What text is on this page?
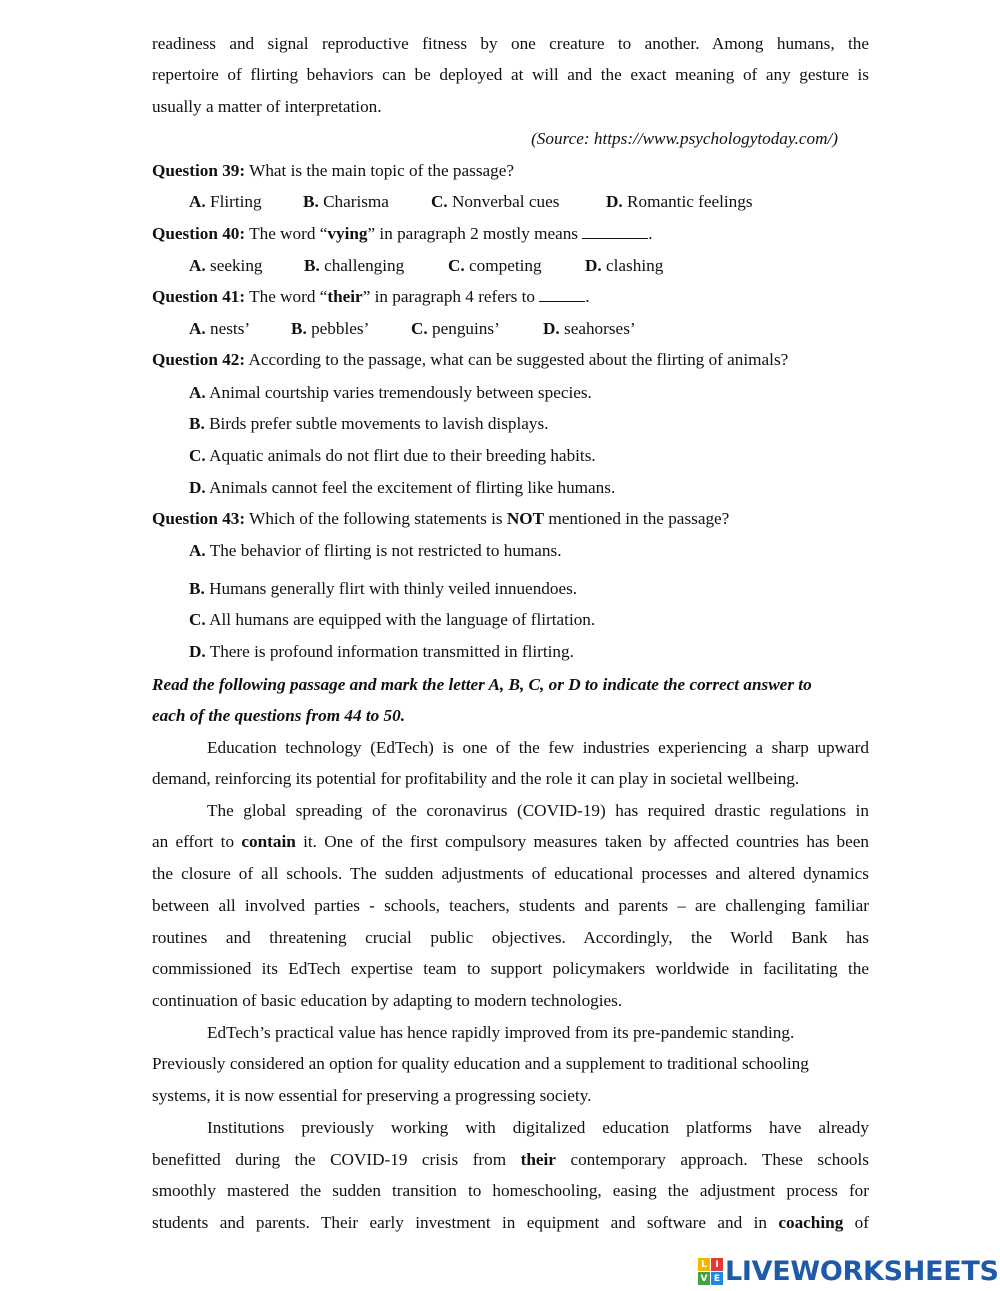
readiness and signal reproductive fitness by one creature to another. Among humans, the
repertoire of flirting behaviors can be deployed at will and the exact meaning of any gesture is
usually a matter of interpretation.
(Source: https://www.psychologytoday.com/)
Question 39: What is the main topic of the passage?
A. Flirting B. Charisma C. Nonverbal cues	D. Romantic feelings
Question 40: The word “vying” in paragraph 2 mostly means	.
A. seeking B. challenging	C. competing	D. clashing
Question 41: The word “their” in paragraph 4 refers to	.
A. nests’ B. pebbles’ C. penguins’	D. seahorses’
Question 42: According to the passage, what can be suggested about the flirting of animals?
A. Animal courtship varies tremendously between species.
B. Birds prefer subtle movements to lavish displays.
C. Aquatic animals do not flirt due to their breeding habits.
D. Animals cannot feel the excitement of flirting like humans.
Question 43: Which of the following statements is NOT mentioned in the passage?
A. The behavior of flirting is not restricted to humans.
B. Humans generally flirt with thinly veiled innuendoes.
C. All humans are equipped with the language of flirtation.
D. There is profound information transmitted in flirting.
Read the following passage and mark the letter A, B, C, or D to indicate the correct answer to
each of the questions from 44 to 50.
Education technology (EdTech) is one of the few industries experiencing a sharp upward
demand, reinforcing its potential for profitability and the role it can play in societal wellbeing.
The global spreading of the coronavirus (COVID-19) has required drastic regulations in
an effort to contain it. One of the first compulsory measures taken by affected countries has been
the closure of all schools. The sudden adjustments of educational processes and altered dynamics
between all involved parties - schools, teachers, students and parents – are challenging familiar
routines and threatening crucial public objectives. Accordingly, the World Bank has
commissioned its EdTech expertise team to support policymakers worldwide in facilitating the
continuation of basic education by adapting to modern technologies.
EdTech’s practical value has hence rapidly improved from its pre-pandemic standing.
Previously considered an option for quality education and a supplement to traditional schooling
systems, it is now essential for preserving a progressing society.
Institutions previously working with digitalized education platforms have already
benefitted during the COVID-19 crisis from their contemporary approach. These schools
smoothly mastered the sudden transition to homeschooling, easing the adjustment process for
students and parents. Their early investment in equipment and software and in coaching of
L I
V E LIVEWORKSHEETS
